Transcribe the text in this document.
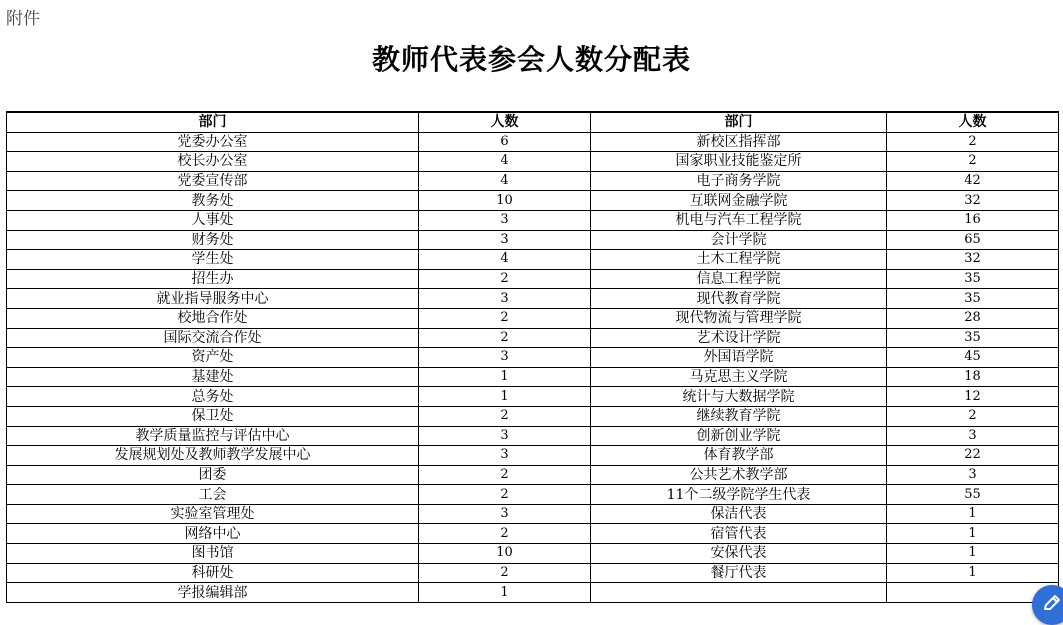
附件
教师代表参会人数分配表
部门	人数	部门	人数
党委办公室	6	新校区指挥部	2
校长办公室	4	国家职业技能鉴定所	2
党委宣传部	4	电子商务学院	42
教务处	10	互联网金融学院	32
人事处	3	机电与汽车工程学院	16
财务处	3	会计学院	65
学生处	4	土木工程学院	32
招生办	2	信息工程学院	35
就业指导服务中心	3	现代教育学院	35
校地合作处	2	现代物流与管理学院	28
国际交流合作处	2	艺术设计学院	35
资产处	3	外国语学院	45
基建处	1	马克思主义学院	18
总务处	1	统计与大数据学院	12
保卫处	2	继续教育学院	2
教学质量监控与评估中心	3	创新创业学院	3
发展规划处及教师教学发展中心	3	体育教学部	22
团委	2	公共艺术教学部	3
工会	2	11个二级学院学生代表	55
实验室管理处	3	保洁代表	1
网络中心	2	宿管代表	1
图书馆	10	安保代表	1
科研处	2	餐厅代表	1
学报编辑部	1		
